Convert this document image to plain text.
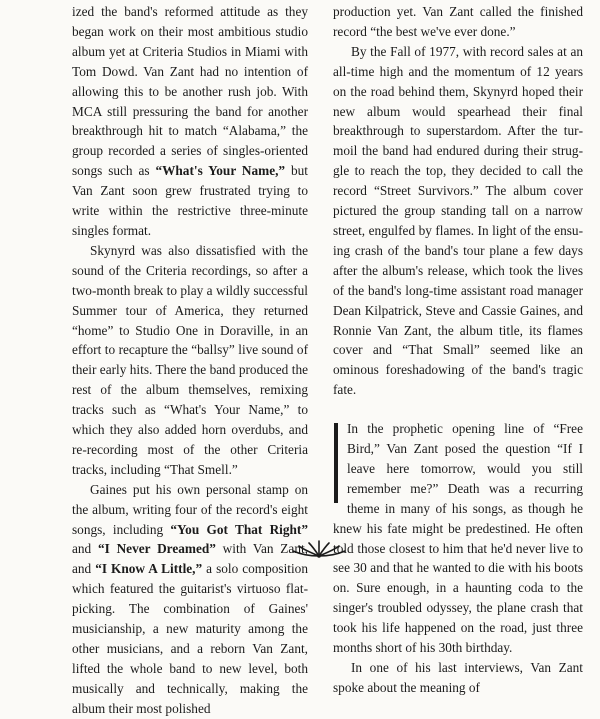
ized the band's reformed attitude as they began work on their most ambitious studio album yet at Criteria Studios in Miami with Tom Dowd. Van Zant had no intention of allowing this to be another rush job. With MCA still pressuring the band for another breakthrough hit to match “Alabama,” the group recorded a series of singles-oriented songs such as “What's Your Name,” but Van Zant soon grew frustrated trying to write within the restrictive three-minute singles format.

Skynyrd was also dissatisfied with the sound of the Criteria recordings, so after a two-month break to play a wildly successful Summer tour of America, they returned “home” to Studio One in Doraville, in an effort to recapture the “ballsy” live sound of their early hits. There the band produced the rest of the album themselves, remixing tracks such as “What's Your Name,” to which they also added horn overdubs, and re-recording most of the other Criteria tracks, including “That Smell.”

Gaines put his own personal stamp on the album, writing four of the record's eight songs, including “You Got That Right” and “I Never Dreamed” with Van Zant, and “I Know A Little,” a solo composition which featured the guitarist's virtuoso flat-picking. The combination of Gaines' musicianship, a new maturity among the other musicians, and a reborn Van Zant, lifted the whole band to new level, both musically and technically, making the album their most polished

production yet. Van Zant called the finished record “the best we've ever done.”

By the Fall of 1977, with record sales at an all-time high and the momentum of 12 years on the road behind them, Skynyrd hoped their new album would spearhead their final breakthrough to superstardom. After the turmoil the band had endured during their struggle to reach the top, they decided to call the record “Street Survivors.” The album cover pictured the group standing tall on a narrow street, engulfed by flames. In light of the ensuing crash of the band's tour plane a few days after the album's release, which took the lives of the band's long-time assistant road manager Dean Kilpatrick, Steve and Cassie Gaines, and Ronnie Van Zant, the album title, its flames cover and “That Small” seemed like an ominous foreshadowing of the band's tragic fate.

In the prophetic opening line of “Free Bird,” Van Zant posed the question “If I leave here tomorrow, would you still remember me?” Death was a recurring theme in many of his songs, as though he knew his fate might be predestined. He often told those closest to him that he'd never live to see 30 and that he wanted to die with his boots on. Sure enough, in a haunting coda to the singer's troubled odyssey, the plane crash that took his life happened on the road, just three months short of his 30th birthday.

In one of his last interviews, Van Zant spoke about the meaning of
